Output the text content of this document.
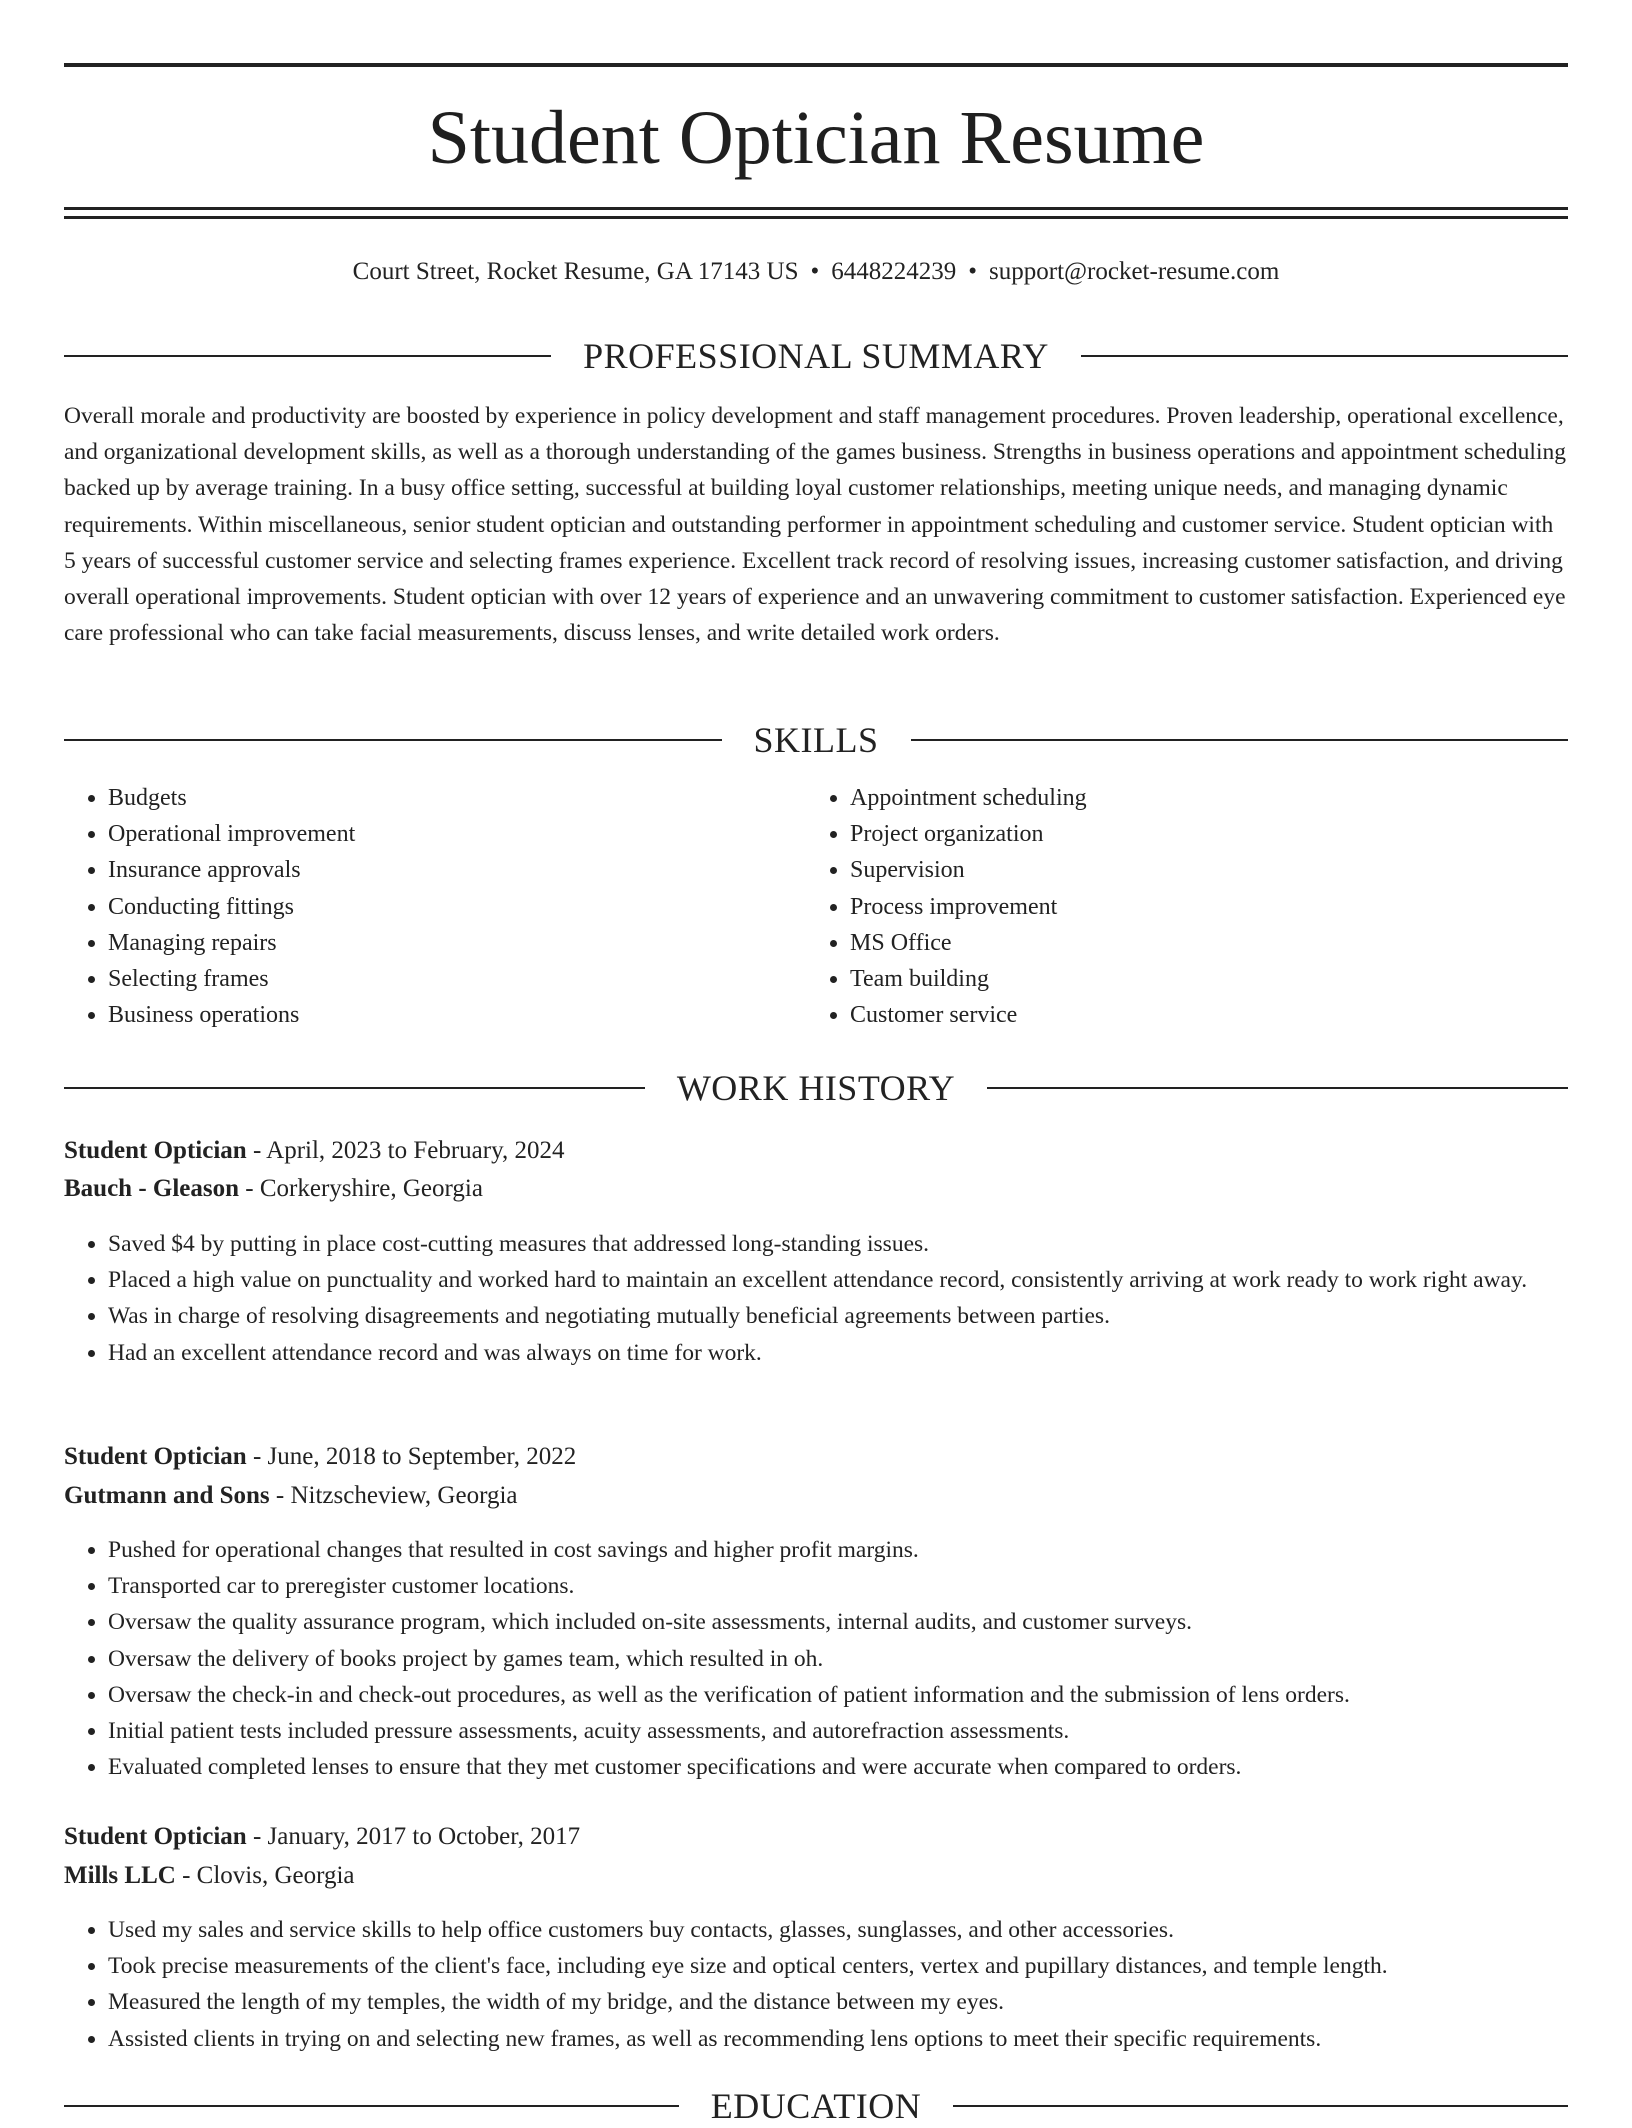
Student Optician Resume
Court Street, Rocket Resume, GA 17143 US • 6448224239 • support@rocket-resume.com
PROFESSIONAL SUMMARY

Overall morale and productivity are boosted by experience in policy development and staff management procedures. Proven leadership, operational excellence, and organizational development skills, as well as a thorough understanding of the games business. Strengths in business operations and appointment scheduling backed up by average training. In a busy office setting, successful at building loyal customer relationships, meeting unique needs, and managing dynamic requirements. Within miscellaneous, senior student optician and outstanding performer in appointment scheduling and customer service. Student optician with 5 years of successful customer service and selecting frames experience. Excellent track record of resolving issues, increasing customer satisfaction, and driving overall operational improvements. Student optician with over 12 years of experience and an unwavering commitment to customer satisfaction. Experienced eye care professional who can take facial measurements, discuss lenses, and write detailed work orders.

SKILLS
• Budgets
• Operational improvement
• Insurance approvals
• Conducting fittings
• Managing repairs
• Selecting frames
• Business operations
• Appointment scheduling
• Project organization
• Supervision
• Process improvement
• MS Office
• Team building
• Customer service
WORK HISTORY
Student Optician - April, 2023 to February, 2024
Bauch - Gleason - Corkeryshire, Georgia
• Saved $4 by putting in place cost-cutting measures that addressed long-standing issues.
• Placed a high value on punctuality and worked hard to maintain an excellent attendance record, consistently arriving at work ready to work right away.
• Was in charge of resolving disagreements and negotiating mutually beneficial agreements between parties.
• Had an excellent attendance record and was always on time for work.
Student Optician - June, 2018 to September, 2022
Gutmann and Sons - Nitzscheview, Georgia
• Pushed for operational changes that resulted in cost savings and higher profit margins.
• Transported car to preregister customer locations.
• Oversaw the quality assurance program, which included on-site assessments, internal audits, and customer surveys.
• Oversaw the delivery of books project by games team, which resulted in oh.
• Oversaw the check-in and check-out procedures, as well as the verification of patient information and the submission of lens orders.
• Initial patient tests included pressure assessments, acuity assessments, and autorefraction assessments.
• Evaluated completed lenses to ensure that they met customer specifications and were accurate when compared to orders.
Student Optician - January, 2017 to October, 2017
Mills LLC - Clovis, Georgia
• Used my sales and service skills to help office customers buy contacts, glasses, sunglasses, and other accessories.
• Took precise measurements of the client's face, including eye size and optical centers, vertex and pupillary distances, and temple length.
• Measured the length of my temples, the width of my bridge, and the distance between my eyes.
• Assisted clients in trying on and selecting new frames, as well as recommending lens options to meet their specific requirements.
EDUCATION
